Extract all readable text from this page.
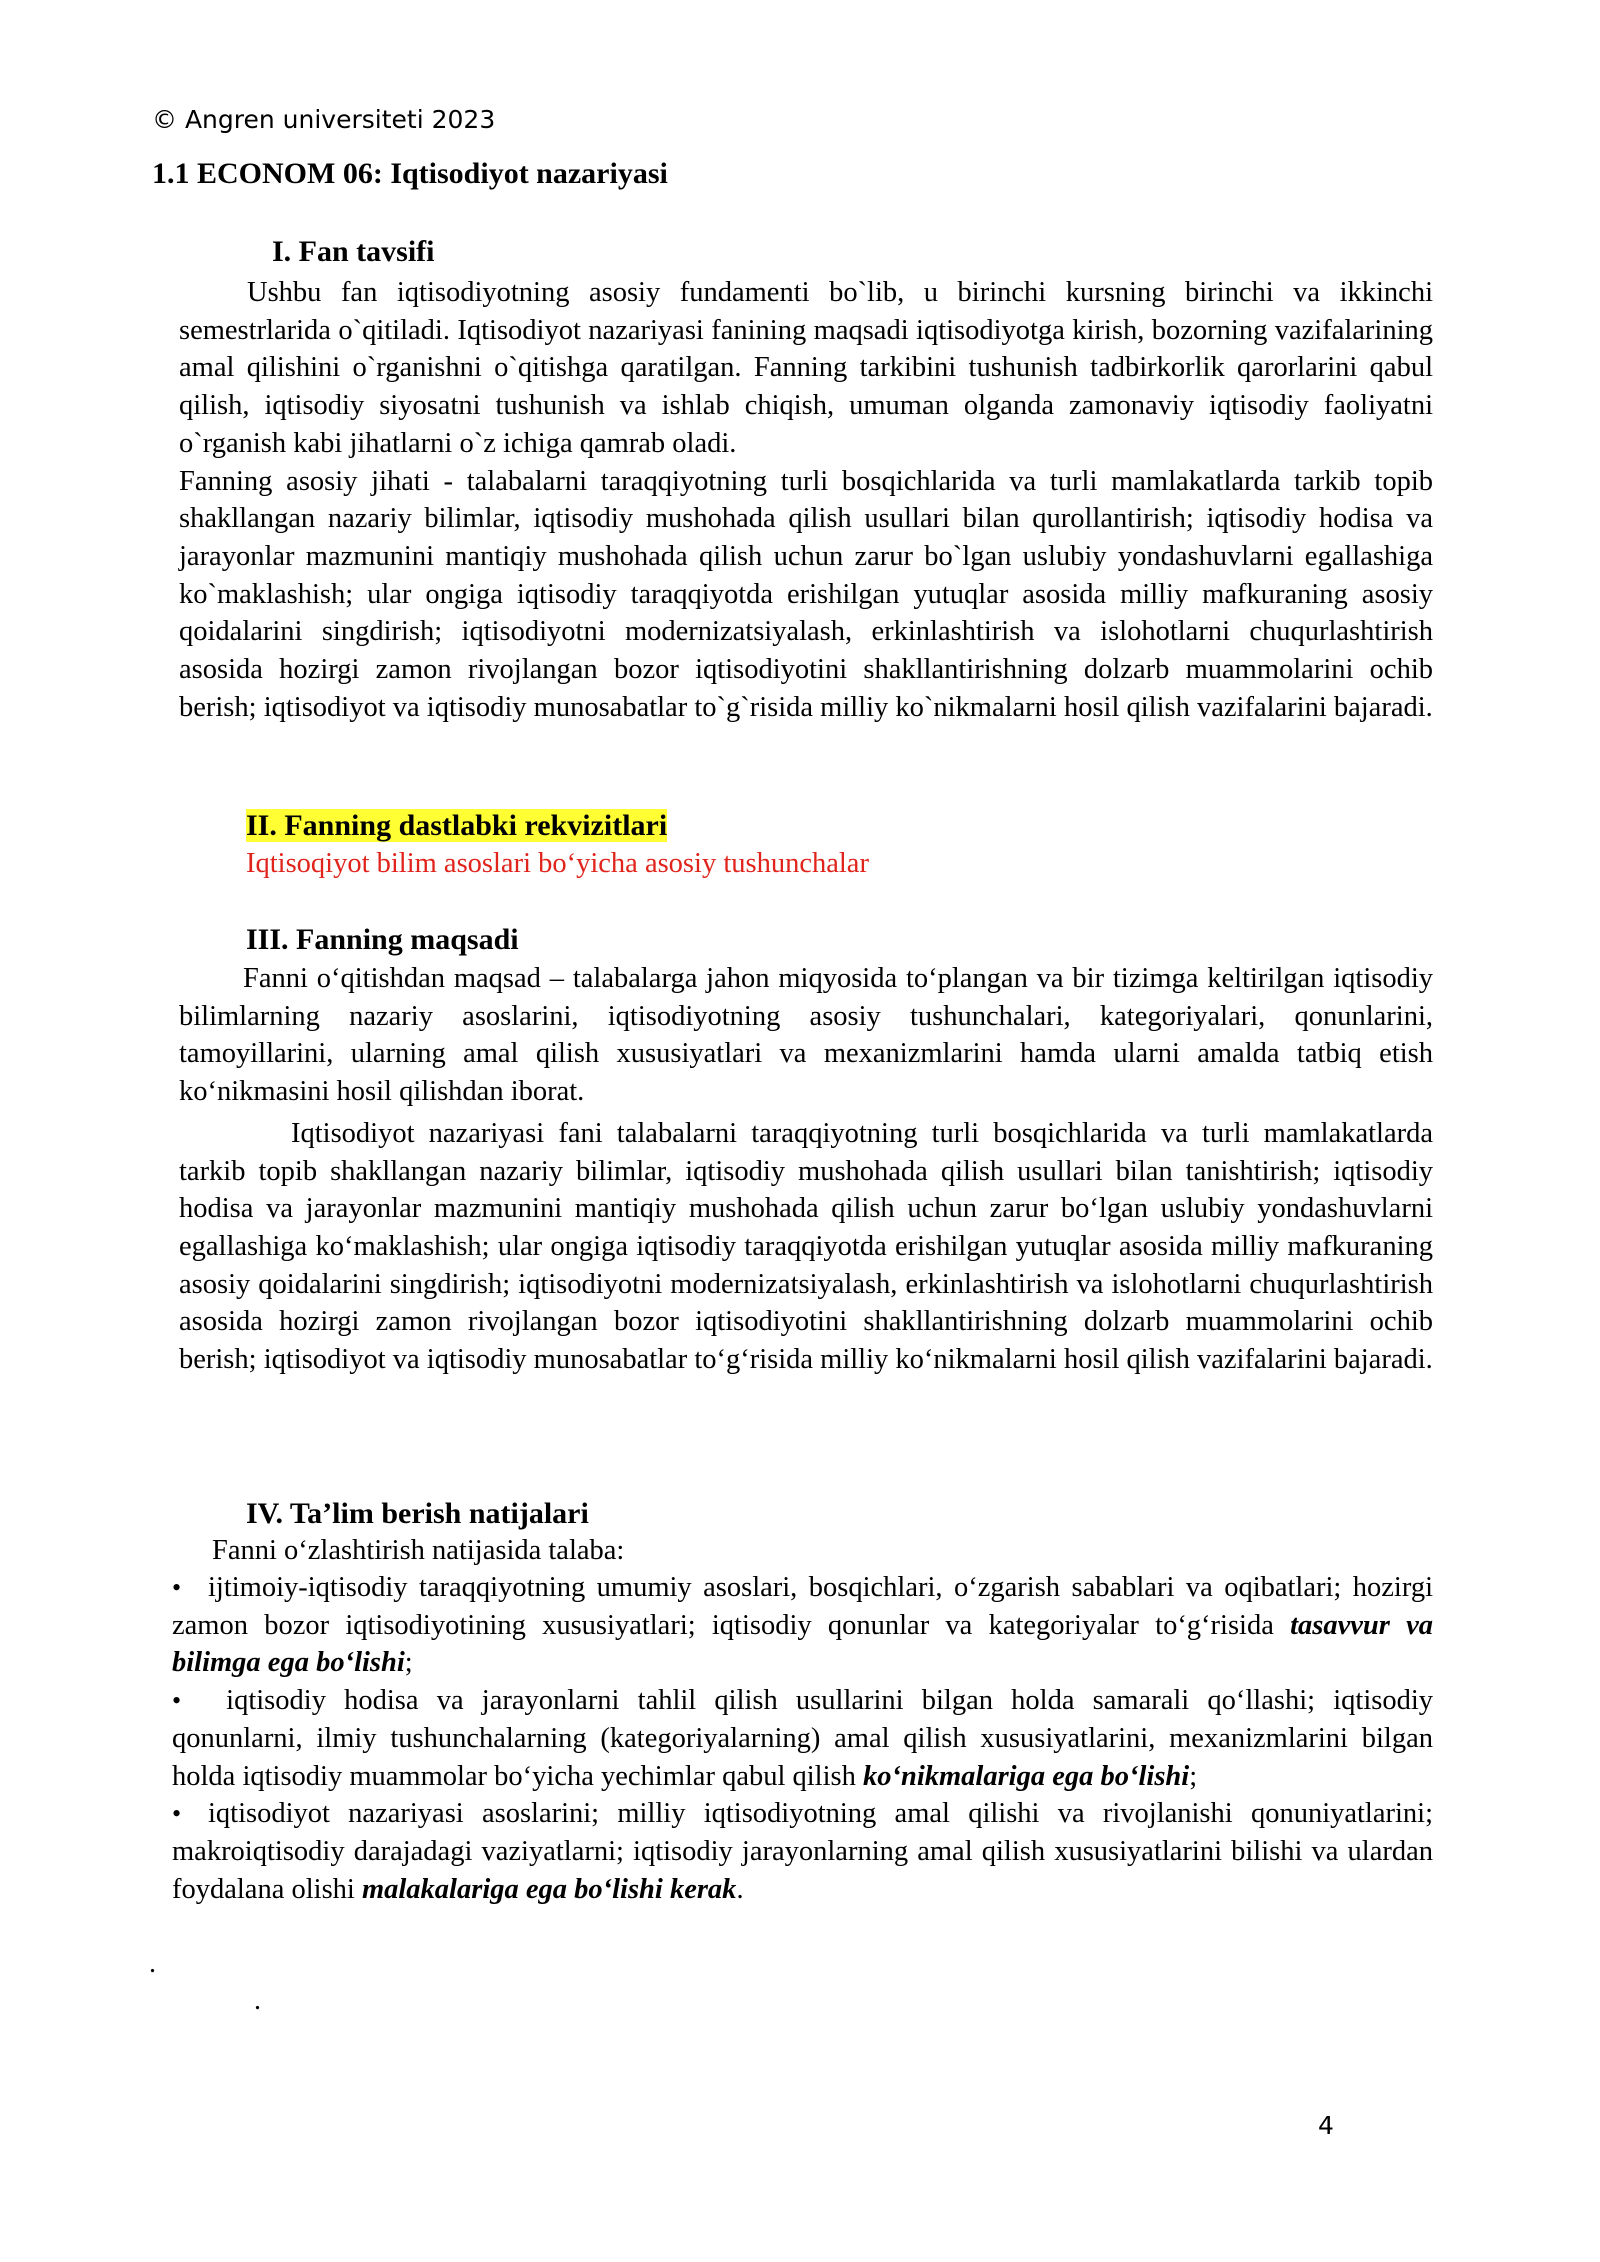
© Angren universiteti 2023
1.1 ECONOM 06: Iqtisodiyot nazariyasi
I. Fan tavsifi

Ushbu fan iqtisodiyotning asosiy fundamenti bo`lib, u birinchi kursning birinchi va ikkinchi semestrlarida o`qitiladi. Iqtisodiyot nazariyasi fanining maqsadi iqtisodiyotga kirish, bozorning vazifalarining amal qilishini o`rganishni o`qitishga qaratilgan. Fanning tarkibini tushunish tadbirkorlik qarorlarini qabul qilish, iqtisodiy siyosatni tushunish va ishlab chiqish, umuman olganda zamonaviy iqtisodiy faoliyatni o`rganish kabi jihatlarni o`z ichiga qamrab oladi.

Fanning asosiy jihati - talabalarni taraqqiyotning turli bosqichlarida va turli mamlakatlarda tarkib topib shakllangan nazariy bilimlar, iqtisodiy mushohada qilish usullari bilan qurollantirish; iqtisodiy hodisa va jarayonlar mazmunini mantiqiy mushohada qilish uchun zarur bo`lgan uslubiy yondashuvlarni egallashiga ko`maklashish; ular ongiga iqtisodiy taraqqiyotda erishilgan yutuqlar asosida milliy mafkuraning asosiy qoidalarini singdirish; iqtisodiyotni modernizatsiyalash, erkinlashtirish va islohotlarni chuqurlashtirish asosida hozirgi zamon rivojlangan bozor iqtisodiyotini shakllantirishning dolzarb muammolarini ochib berish; iqtisodiyot va iqtisodiy munosabatlar to`g`risida milliy ko`nikmalarni hosil qilish vazifalarini bajaradi.

II. Fanning dastlabki rekvizitlari
Iqtisoqiyot bilim asoslari bo‘yicha asosiy tushunchalar
III. Fanning maqsadi

Fanni o‘qitishdan maqsad – talabalarga jahon miqyosida to‘plangan va bir tizimga keltirilgan iqtisodiy bilimlarning nazariy asoslarini, iqtisodiyotning asosiy tushunchalari, kategoriyalari, qonunlarini, tamoyillarini, ularning amal qilish xususiyatlari va mexanizmlarini hamda ularni amalda tatbiq etish ko‘nikmasini hosil qilishdan iborat.

Iqtisodiyot nazariyasi fani talabalarni taraqqiyotning turli bosqichlarida va turli mamlakatlarda tarkib topib shakllangan nazariy bilimlar, iqtisodiy mushohada qilish usullari bilan tanishtirish; iqtisodiy hodisa va jarayonlar mazmunini mantiqiy mushohada qilish uchun zarur bo‘lgan uslubiy yondashuvlarni egallashiga ko‘maklashish; ular ongiga iqtisodiy taraqqiyotda erishilgan yutuqlar asosida milliy mafkuraning asosiy qoidalarini singdirish; iqtisodiyotni modernizatsiyalash, erkinlashtirish va islohotlarni chuqurlashtirish asosida hozirgi zamon rivojlangan bozor iqtisodiyotini shakllantirishning dolzarb muammolarini ochib berish; iqtisodiyot va iqtisodiy munosabatlar to‘g‘risida milliy ko‘nikmalarni hosil qilish vazifalarini bajaradi.

IV. Ta’lim berish natijalari
Fanni o‘zlashtirish natijasida talaba:

• ijtimoiy-iqtisodiy taraqqiyotning umumiy asoslari, bosqichlari, o‘zgarish sabablari va oqibatlari; hozirgi zamon bozor iqtisodiyotining xususiyatlari; iqtisodiy qonunlar va kategoriyalar to‘g‘risida tasavvur va bilimga ega bo‘lishi;

• iqtisodiy hodisa va jarayonlarni tahlil qilish usullarini bilgan holda samarali qo‘llashi; iqtisodiy qonunlarni, ilmiy tushunchalarning (kategoriyalarning) amal qilish xususiyatlarini, mexanizmlarini bilgan holda iqtisodiy muammolar bo‘yicha yechimlar qabul qilish ko‘nikmalariga ega bo‘lishi;

• iqtisodiyot nazariyasi asoslarini; milliy iqtisodiyotning amal qilishi va rivojlanishi qonuniyatlarini; makroiqtisodiy darajadagi vaziyatlarni; iqtisodiy jarayonlarning amal qilish xususiyatlarini bilishi va ulardan foydalana olishi malakalariga ega bo‘lishi kerak.

.
.
4
